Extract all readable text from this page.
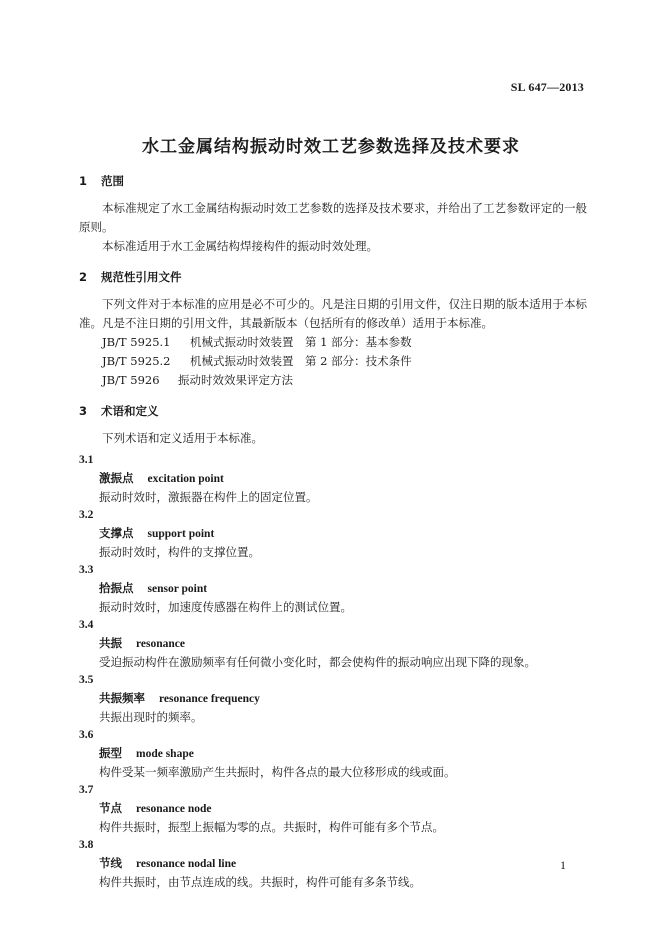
SL 647—2013
水工金属结构振动时效工艺参数选择及技术要求

1 范围

本标准规定了水工金属结构振动时效工艺参数的选择及技术要求，并给出了工艺参数评定的一般原则。

本标准适用于水工金属结构焊接构件的振动时效处理。

2 规范性引用文件

下列文件对于本标准的应用是必不可少的。凡是注日期的引用文件，仅注日期的版本适用于本标准。凡是不注日期的引用文件，其最新版本（包括所有的修改单）适用于本标准。

JB/T 5925.1 机械式振动时效装置　第 1 部分：基本参数

JB/T 5925.2 机械式振动时效装置　第 2 部分：技术条件

JB/T 5926 振动时效效果评定方法

3 术语和定义

下列术语和定义适用于本标准。

3.1

激振点 excitation point

振动时效时，激振器在构件上的固定位置。

3.2

支撑点 support point

振动时效时，构件的支撑位置。

3.3

拾振点 sensor point

振动时效时，加速度传感器在构件上的测试位置。

3.4

共振 resonance

受迫振动构件在激励频率有任何微小变化时，都会使构件的振动响应出现下降的现象。

3.5

共振频率 resonance frequency

共振出现时的频率。

3.6

振型 mode shape

构件受某一频率激励产生共振时，构件各点的最大位移形成的线或面。

3.7

节点 resonance node

构件共振时，振型上振幅为零的点。共振时，构件可能有多个节点。

3.8

节线 resonance nodal line

构件共振时，由节点连成的线。共振时，构件可能有多条节线。

1
